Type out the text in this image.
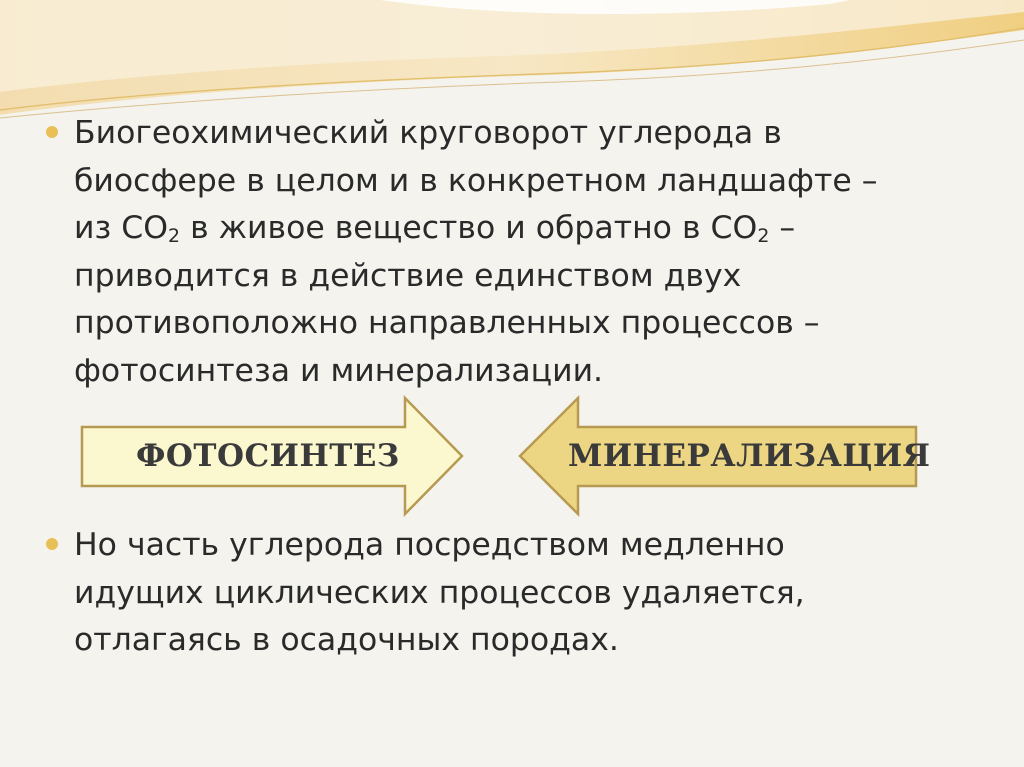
Биогеохимический круговорот углерода в
биосфере в целом и в конкретном ландшафте –
из $СО_2$ в живое вещество и обратно в $СО_2$ –
приводится в действие единством двух
противоположно направленных процессов –
фотосинтеза и минерализации.
ФОТОСИНТЕЗ	МИНЕРАЛИЗАЦИЯ
Но часть углерода посредством медленно
идущих циклических процессов удаляется,
отлагаясь в осадочных породах.
